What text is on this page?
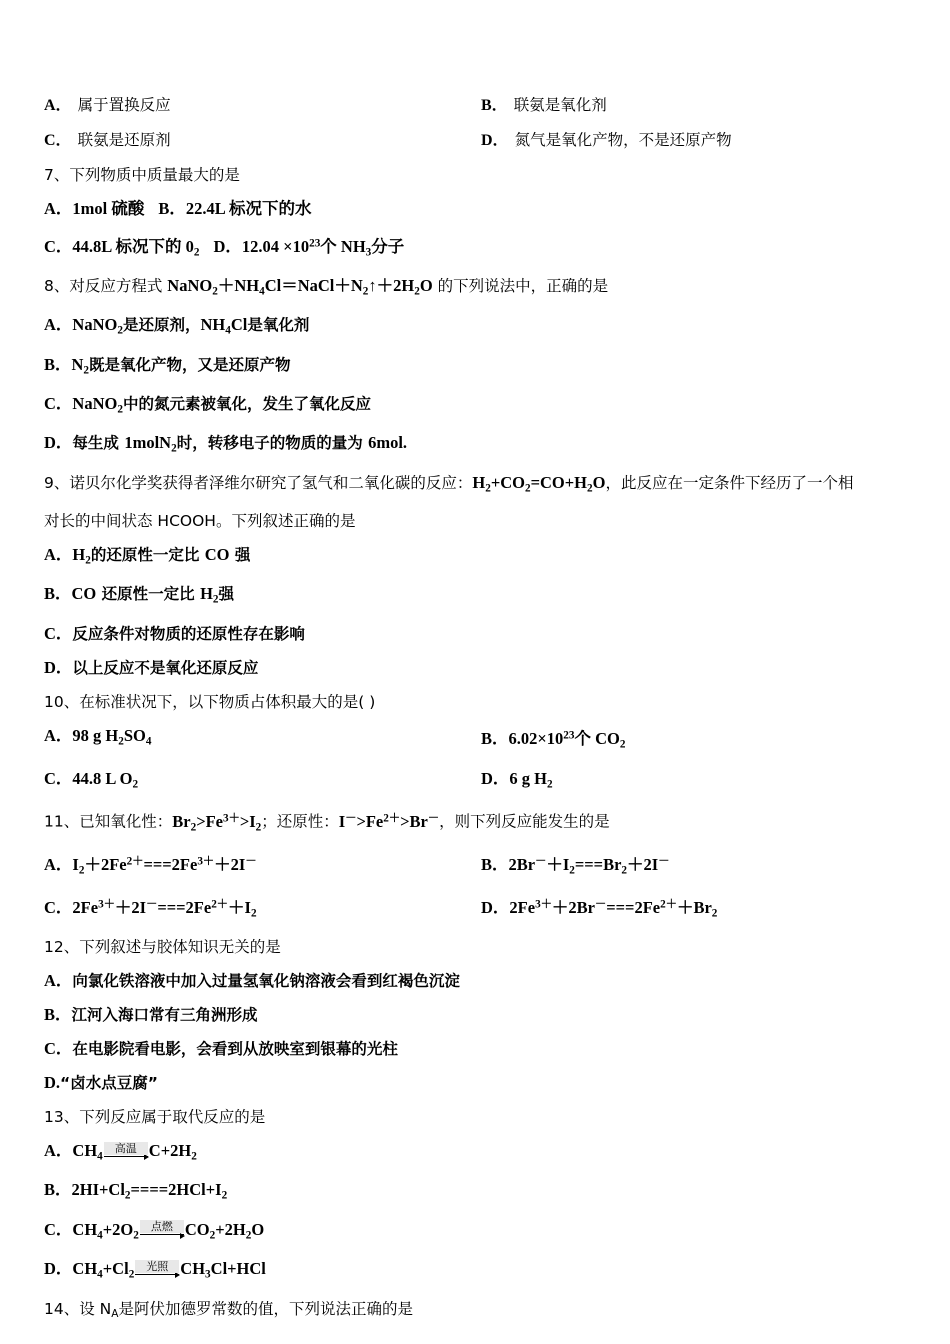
A． 属于置换反应	B． 联氨是氧化剂
C． 联氨是还原剂	D． 氮气是氧化产物，不是还原产物
7、下列物质中质量最大的是
A．1mol 硫酸 B．22.4L 标况下的水
C．44.8L 标况下的 $0_2$ D．$12.04 \times 10^{23}$个 $NH_3$分子
8、对反应方程式 $NaNO_2+NH_4Cl=NaCl+N_2↑+2H_2O$ 的下列说法中，正确的是
A．NaNO$_2$是还原剂，$NH_4Cl$是氧化剂
B．$N_2$既是氧化产物，又是还原产物
C．NaNO$_2$中的氮元素被氧化，发生了氧化反应
D．每生成 1molN$_2$时，转移电子的物质的量为 6mol.
9、诺贝尔化学奖获得者泽维尔研究了氢气和二氧化碳的反应：$H_2+CO_2=CO+H_2O$，此反应在一定条件下经历了一个相
对长的中间状态 HCOOH。下列叙述正确的是
A．$H_2$的还原性一定比 CO 强
B．CO 还原性一定比 $H_2$强
C．反应条件对物质的还原性存在影响
D．以上反应不是氧化还原反应
10、在标准状况下，以下物质占体积最大的是( )
A．98 g $H_2SO_4$	B．$6.02\times 10^{23}$个 $CO_2$
C．44.8 L $O_2$	D．6 g $H_2$
11、已知氧化性：$Br_2>Fe^{3+}>I_2$；还原性：$I^->Fe^{2+}>Br^-$，则下列反应能发生的是
A．$I_2+2Fe^{2+}===2Fe^{3+}+2I^-$	B．$2Br^-+I_2===Br_2+2I^-$
C．$2Fe^{3+}+2I^-===2Fe^{2+}+I_2$	D．$2Fe^{3+}+2Br^-===2Fe^{2+}+Br_2$
12、下列叙述与胶体知识无关的是
A．向氯化铁溶液中加入过量氢氧化钠溶液会看到红褐色沉淀
B．江河入海口常有三角洲形成
C．在电影院看电影，会看到从放映室到银幕的光柱
D.“卤水点豆腐”
13、下列反应属于取代反应的是
A．$CH_4$
高温 $C+2H_2$
B．$2HI+Cl_2====2HCl+I_2$
C．$CH_4+2O_2$
点燃 $CO_2+2H_2O$
D．$CH_4+Cl_2$
光照 $CH_3Cl+HCl$
14、设 $N_A$是阿伏加德罗常数的值，下列说法正确的是
